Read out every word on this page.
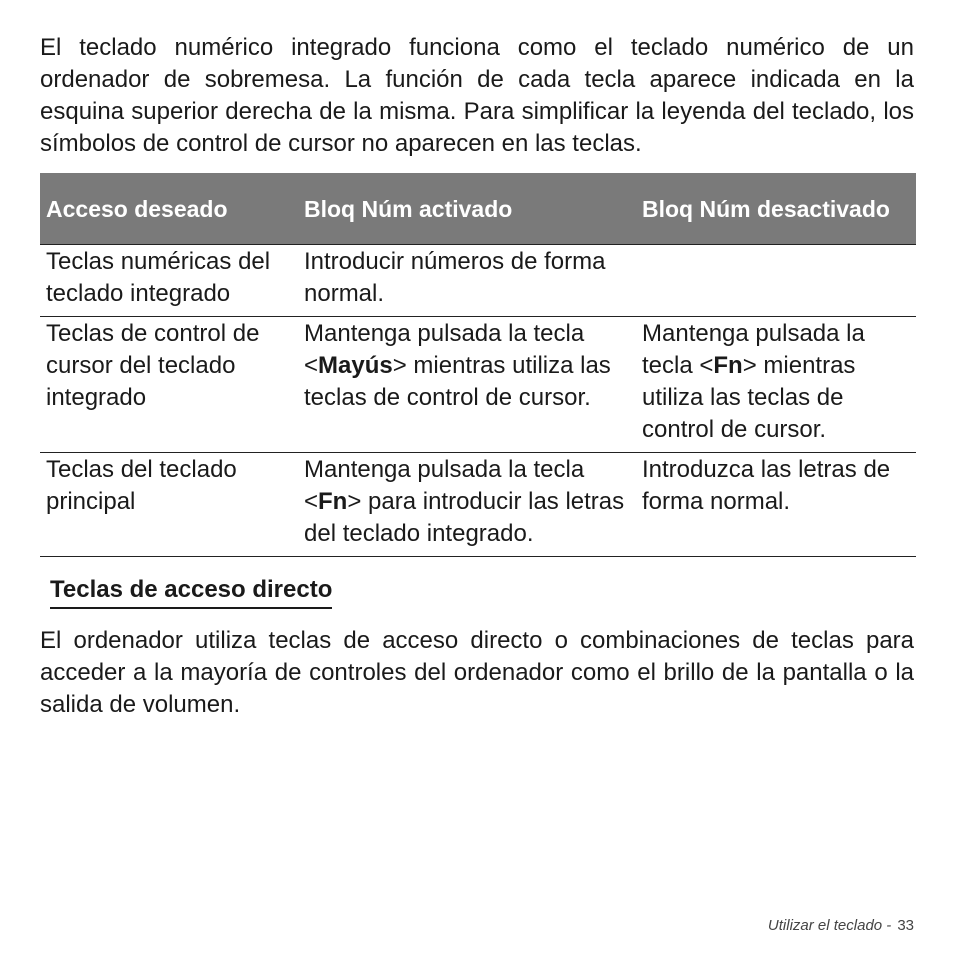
El teclado numérico integrado funciona como el teclado numérico de un ordenador de sobremesa. La función de cada tecla aparece indicada en la esquina superior derecha de la misma. Para simplificar la leyenda del teclado, los símbolos de control de cursor no aparecen en las teclas.

Acceso deseado	Bloq Núm activado	Bloq Núm desactivado
Teclas numéricas del teclado integrado	Introducir números de forma normal.	
Teclas de control de cursor del teclado integrado	Mantenga pulsada la tecla <Mayús> mientras utiliza las teclas de control de cursor.	Mantenga pulsada la tecla <Fn> mientras utiliza las teclas de control de cursor.
Teclas del teclado principal	Mantenga pulsada la tecla <Fn> para introducir las letras del teclado integrado.	Introduzca las letras de forma normal.
Teclas de acceso directo

El ordenador utiliza teclas de acceso directo o combinaciones de teclas para acceder a la mayoría de controles del ordenador como el brillo de la pantalla o la salida de volumen.

Utilizar el teclado - 33
